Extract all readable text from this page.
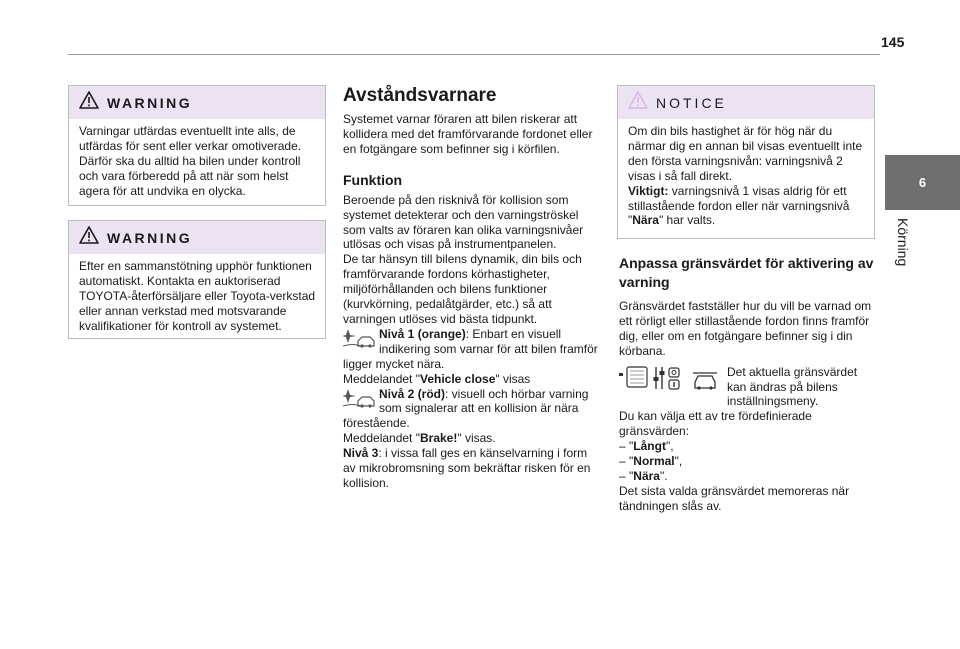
145
6
Körning
WARNING

Varningar utfärdas eventuellt inte alls, de utfärdas för sent eller verkar omotiverade. Därför ska du alltid ha bilen under kontroll och vara förberedd på att när som helst agera för att undvika en olycka.

WARNING

Efter en sammanstötning upphör funktionen automatiskt. Kontakta en auktoriserad TOYOTA-återförsäljare eller Toyota-verkstad eller annan verkstad med motsvarande kvalifikationer för kontroll av systemet.

Avståndsvarnare

Systemet varnar föraren att bilen riskerar att kollidera med det framförvarande fordonet eller en fotgängare som befinner sig i körfilen.

Funktion

Beroende på den risknivå för kollision som systemet detekterar och den varningströskel som valts av föraren kan olika varningsnivåer utlösas och visas på instrumentpanelen.

De tar hänsyn till bilens dynamik, din bils och framförvarande fordons körhastigheter, miljöförhållanden och bilens funktioner (kurvkörning, pedalåtgärder, etc.) så att varningen utlöses vid bästa tidpunkt.

Nivå 1 (orange): Enbart en visuell indikering som varnar för att bilen framför ligger mycket nära.

Meddelandet "Vehicle close" visas

Nivå 2 (röd): visuell och hörbar varning som signalerar att en kollision är nära förestående.

Meddelandet "Brake!" visas.

Nivå 3: i vissa fall ges en känselvarning i form av mikrobromsning som bekräftar risken för en kollision.

NOTICE

Om din bils hastighet är för hög när du närmar dig en annan bil visas eventuellt inte den första varningsnivån: varningsnivå 2 visas i så fall direkt.

Viktigt: varningsnivå 1 visas aldrig för ett stillastående fordon eller när varningsnivå "Nära" har valts.

Anpassa gränsvärdet för aktivering av varning

Gränsvärdet fastställer hur du vill be varnad om ett rörligt eller stillastående fordon finns framför dig, eller om en fotgängare befinner sig i din körbana.

Det aktuella gränsvärdet kan ändras på bilens inställningsmeny.

Du kan välja ett av tre fördefinierade gränsvärden:

– "Långt",

– "Normal",

– "Nära".

Det sista valda gränsvärdet memoreras när tändningen slås av.
